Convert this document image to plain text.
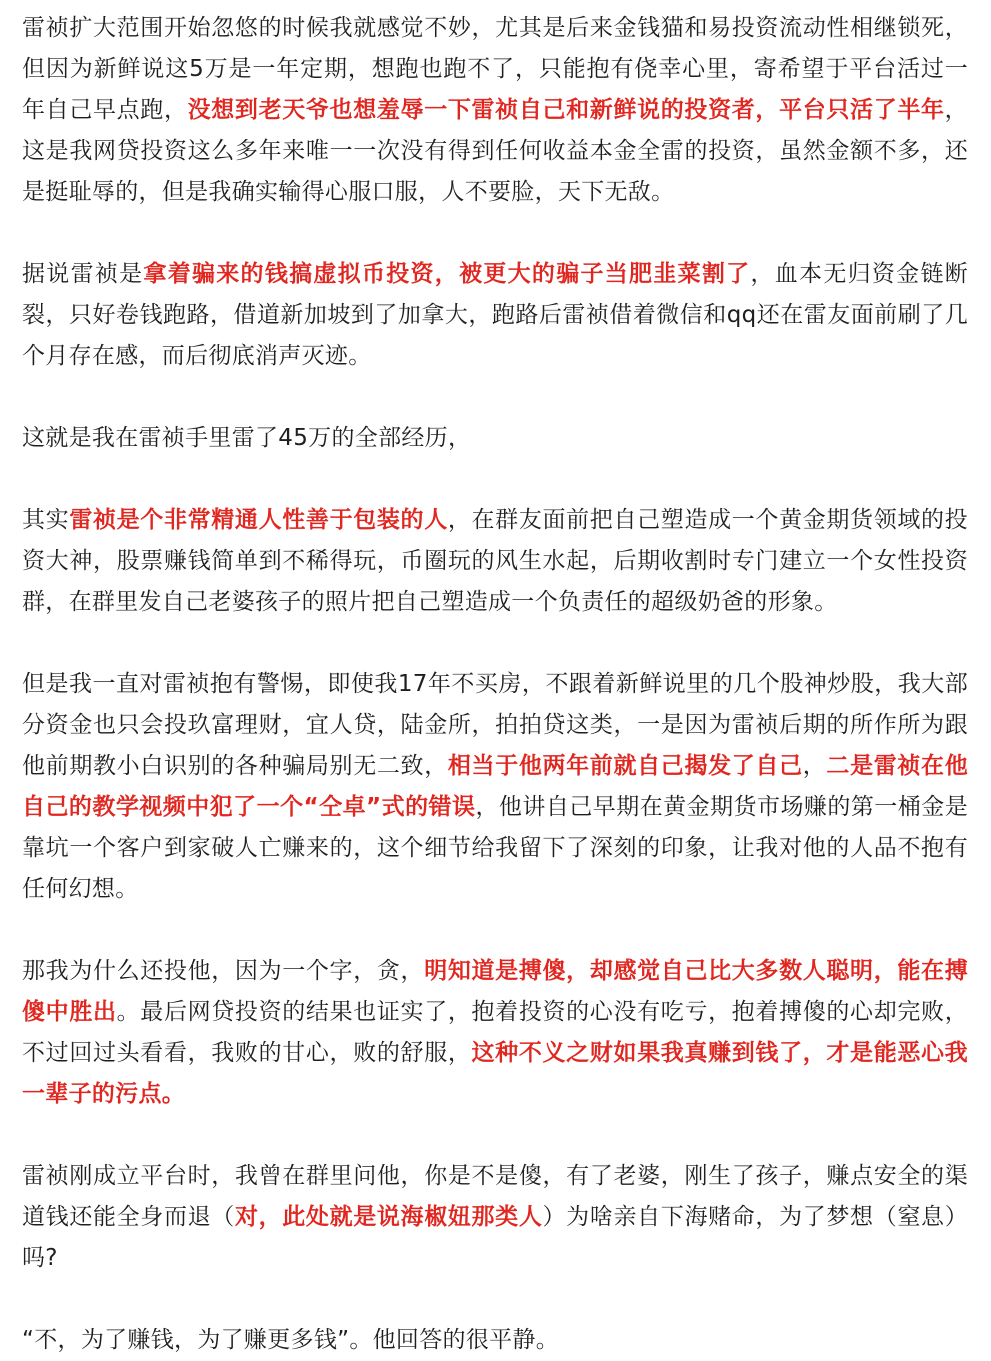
雷祯扩大范围开始忽悠的时候我就感觉不妙，尤其是后来金钱猫和易投资流动性相继锁死，但因为新鲜说这5万是一年定期，想跑也跑不了，只能抱有侥幸心里，寄希望于平台活过一年自己早点跑，没想到老天爷也想羞辱一下雷祯自己和新鲜说的投资者，平台只活了半年，这是我网贷投资这么多年来唯一一次没有得到任何收益本金全雷的投资，虽然金额不多，还是挺耻辱的，但是我确实输得心服口服，人不要脸，天下无敌。

据说雷祯是拿着骗来的钱搞虚拟币投资，被更大的骗子当肥韭菜割了，血本无归资金链断裂，只好卷钱跑路，借道新加坡到了加拿大，跑路后雷祯借着微信和qq还在雷友面前刷了几个月存在感，而后彻底消声灭迹。

这就是我在雷祯手里雷了45万的全部经历，

其实雷祯是个非常精通人性善于包装的人，在群友面前把自己塑造成一个黄金期货领域的投资大神，股票赚钱简单到不稀得玩，币圈玩的风生水起，后期收割时专门建立一个女性投资群，在群里发自己老婆孩子的照片把自己塑造成一个负责任的超级奶爸的形象。

但是我一直对雷祯抱有警惕，即使我17年不买房，不跟着新鲜说里的几个股神炒股，我大部分资金也只会投玖富理财，宜人贷，陆金所，拍拍贷这类，一是因为雷祯后期的所作所为跟他前期教小白识别的各种骗局别无二致，相当于他两年前就自己揭发了自己，二是雷祯在他自己的教学视频中犯了一个“仝卓”式的错误，他讲自己早期在黄金期货市场赚的第一桶金是靠坑一个客户到家破人亡赚来的，这个细节给我留下了深刻的印象，让我对他的人品不抱有任何幻想。

那我为什么还投他，因为一个字，贪，明知道是搏傻，却感觉自己比大多数人聪明，能在搏傻中胜出。最后网贷投资的结果也证实了，抱着投资的心没有吃亏，抱着搏傻的心却完败，不过回过头看看，我败的甘心，败的舒服，这种不义之财如果我真赚到钱了，才是能恶心我一辈子的污点。

雷祯刚成立平台时，我曾在群里问他，你是不是傻，有了老婆，刚生了孩子，赚点安全的渠道钱还能全身而退（对，此处就是说海椒妞那类人）为啥亲自下海赌命，为了梦想（窒息）吗?

“不，为了赚钱，为了赚更多钱”。他回答的很平静。
